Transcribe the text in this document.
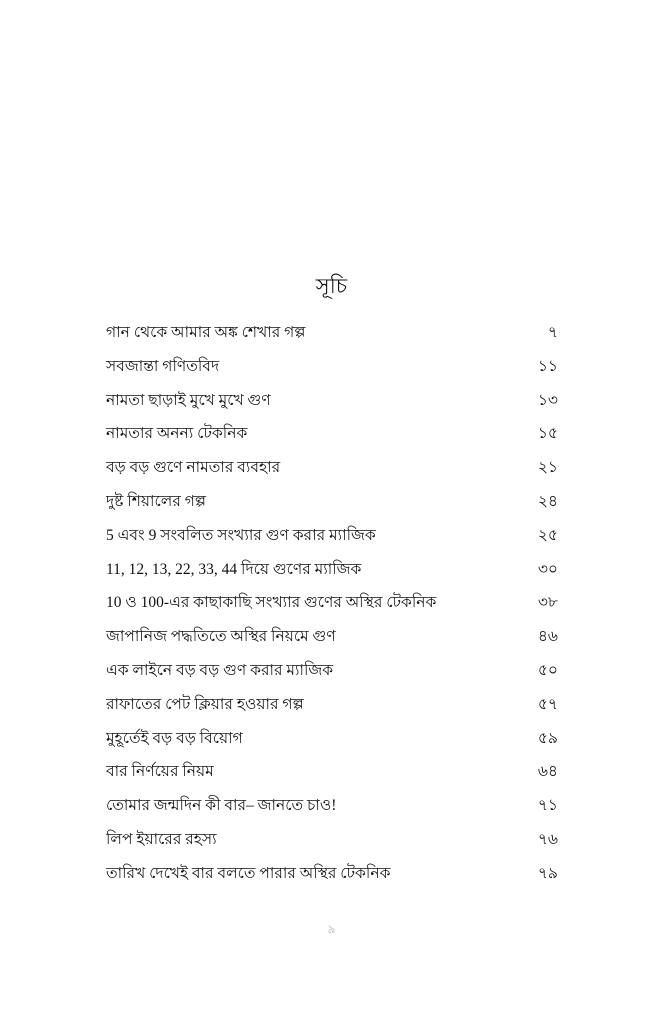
সূচি
গান থেকে আমার অঙ্ক শেখার গল্প	৭
সবজান্তা গণিতবিদ	১১
নামতা ছাড়াই মুখে মুখে গুণ	১৩
নামতার অনন্য টেকনিক	১৫
বড় বড় গুণে নামতার ব্যবহার	২১
দুষ্ট শিয়ালের গল্প	২৪
5 এবং 9 সংবলিত সংখ্যার গুণ করার ম্যাজিক	২৫
11, 12, 13, 22, 33, 44 দিয়ে গুণের ম্যাজিক	৩০
10 ও 100-এর কাছাকাছি সংখ্যার গুণের অস্থির টেকনিক	৩৮
জাপানিজ পদ্ধতিতে অস্থির নিয়মে গুণ	৪৬
এক লাইনে বড় বড় গুণ করার ম্যাজিক	৫০
রাফাতের পেট ক্লিয়ার হওয়ার গল্প	৫৭
মুহূর্তেই বড় বড় বিয়োগ	৫৯
বার নির্ণয়ের নিয়ম	৬৪
তোমার জন্মদিন কী বার– জানতে চাও!	৭১
লিপ ইয়ারের রহস্য	৭৬
তারিখ দেখেই বার বলতে পারার অস্থির টেকনিক	৭৯
৯
